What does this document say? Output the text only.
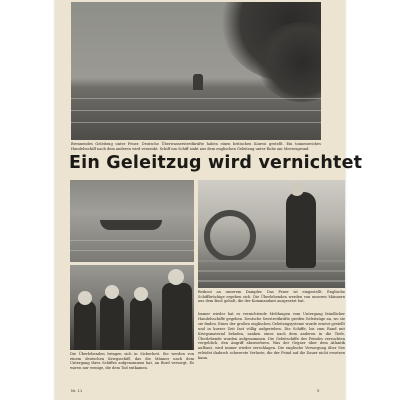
Brennendes Geleitzug unter Feuer. Deutsche Überwasserstreitkräfte haben einen britischen Konvoi gestellt. Ein tonnenreiches Handelsschiff nach dem anderen wird versenkt. Schiff um Schiff sinkt aus dem englischen Geleitzug unter Rohe am Meeresgrund.
Ein Geleitzug wird vernichtet
Die Überlebenden bringen sich in Sicherheit. Sie werden von einem deutschen Kriegsschiff, das die Männer nach dem Untergang ihres Schiffes aufgenommen hat, an Bord versorgt. Es waren nur wenige, die dem Tod entkamen.
Beiboot an unserem Dampfer. Das Feuer ist eingestellt. Englische Schiffbrüchige ergeben sich. Die Überlebenden werden von unseren Männern aus dem Boot geholt, die der Kommandant ausgesetzt hat.
Immer wieder hat es vernichtende Meldungen vom Untergang feindlicher Handelsschiffe gegeben. Deutsche Seestreitkräfte greifen Geleitzüge an, wo sie sie finden. Eines der großen englischen Geleitzugsysteme wurde erneut gestellt und in kurzer Zeit fast völlig aufgerieben. Die Schiffe, bis zum Rand mit Kriegsmaterial beladen, sanken eines nach dem anderen in die Tiefe. Überlebende wurden aufgenommen. Die Geleitschiffe des Feindes versuchten vergeblich, den Angriff abzuwehren. Was der Gegner über dem Atlantik aufbaut, wird immer wieder zerschlagen. Die englische Versorgung über See erleidet dadurch schwerste Verluste, die der Feind auf die Dauer nicht ersetzen kann.
Nr. 11	5
